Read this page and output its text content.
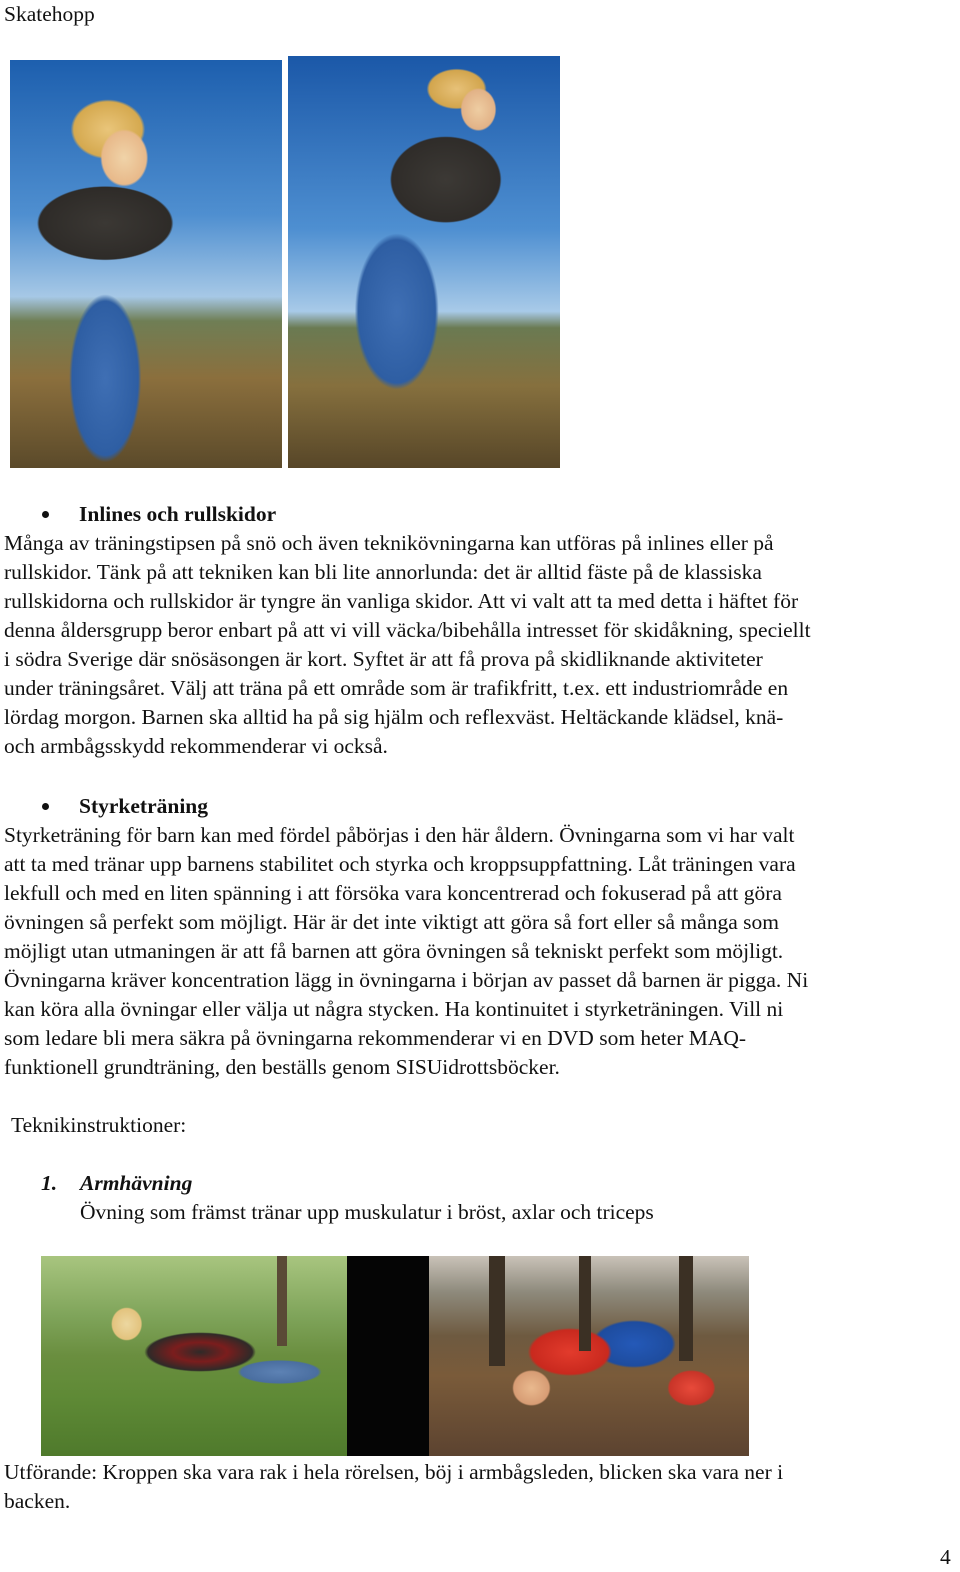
Skatehopp
Inlines och rullskidor
Många av träningstipsen på snö och även teknikövningarna kan utföras på inlines eller på
rullskidor. Tänk på att tekniken kan bli lite annorlunda: det är alltid fäste på de klassiska
rullskidorna och rullskidor är tyngre än vanliga skidor. Att vi valt att ta med detta i häftet för
denna åldersgrupp beror enbart på att vi vill väcka/bibehålla intresset för skidåkning, speciellt
i södra Sverige där snösäsongen är kort. Syftet är att få prova på skidliknande aktiviteter
under träningsåret. Välj att träna på ett område som är trafikfritt, t.ex. ett industriområde en
lördag morgon. Barnen ska alltid ha på sig hjälm och reflexväst. Heltäckande klädsel, knä-
och armbågsskydd rekommenderar vi också.
Styrketräning
Styrketräning för barn kan med fördel påbörjas i den här åldern. Övningarna som vi har valt
att ta med tränar upp barnens stabilitet och styrka och kroppsuppfattning. Låt träningen vara
lekfull och med en liten spänning i att försöka vara koncentrerad och fokuserad på att göra
övningen så perfekt som möjligt. Här är det inte viktigt att göra så fort eller så många som
möjligt utan utmaningen är att få barnen att göra övningen så tekniskt perfekt som möjligt.
Övningarna kräver koncentration lägg in övningarna i början av passet då barnen är pigga. Ni
kan köra alla övningar eller välja ut några stycken. Ha kontinuitet i styrketräningen. Vill ni
som ledare bli mera säkra på övningarna rekommenderar vi en DVD som heter MAQ-
funktionell grundträning, den beställs genom SISUidrottsböcker.
Teknikinstruktioner:
1. Armhävning
Övning som främst tränar upp muskulatur i bröst, axlar och triceps
Utförande: Kroppen ska vara rak i hela rörelsen, böj i armbågsleden, blicken ska vara ner i
backen.
4
